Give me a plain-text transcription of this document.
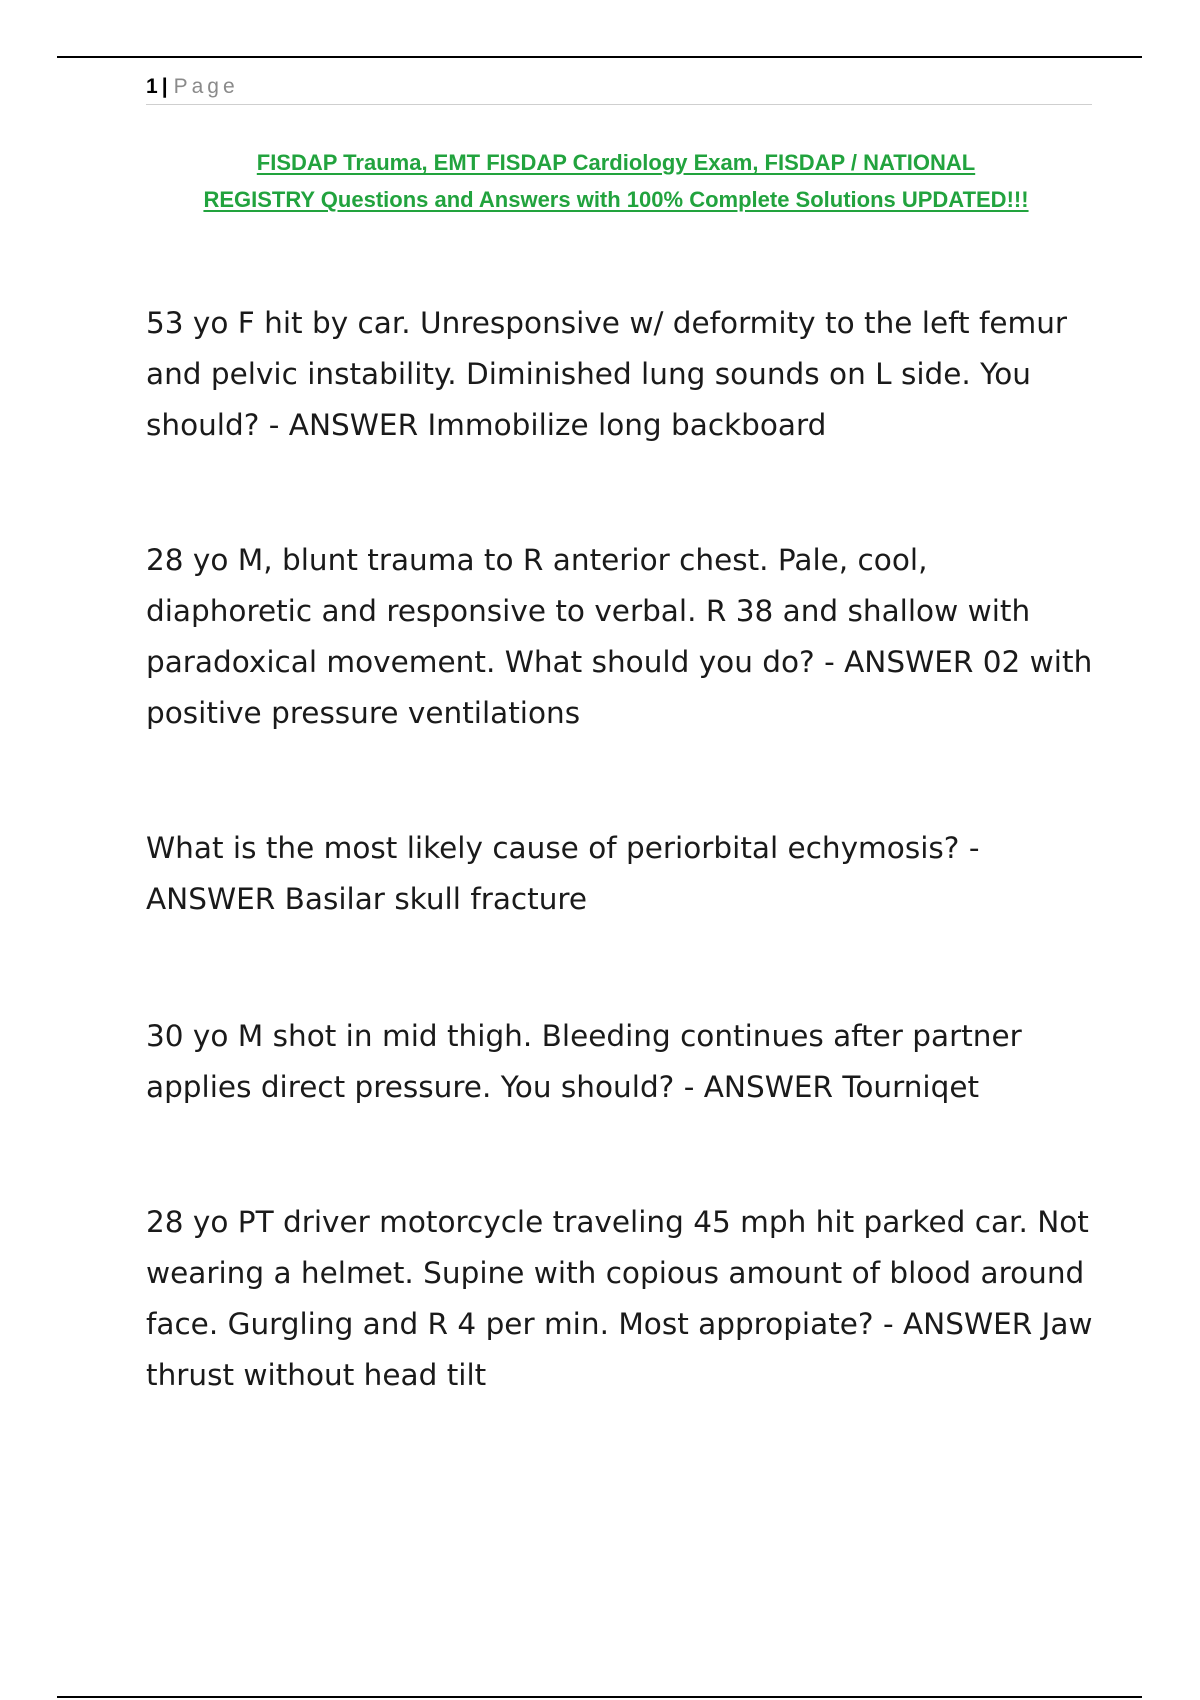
1 | Page
FISDAP Trauma, EMT FISDAP Cardiology Exam, FISDAP / NATIONAL
REGISTRY Questions and Answers with 100% Complete Solutions UPDATED!!!
53 yo F hit by car. Unresponsive w/ deformity to the left femur and pelvic instability. Diminished lung sounds on L side. You should? - ANSWER Immobilize long backboard
28 yo M, blunt trauma to R anterior chest. Pale, cool, diaphoretic and responsive to verbal. R 38 and shallow with paradoxical movement. What should you do? - ANSWER 02 with positive pressure ventilations
What is the most likely cause of periorbital echymosis? - ANSWER Basilar skull fracture
30 yo M shot in mid thigh. Bleeding continues after partner applies direct pressure. You should? - ANSWER Tourniqet
28 yo PT driver motorcycle traveling 45 mph hit parked car. Not wearing a helmet. Supine with copious amount of blood around face. Gurgling and R 4 per min. Most appropiate? - ANSWER Jaw thrust without head tilt
